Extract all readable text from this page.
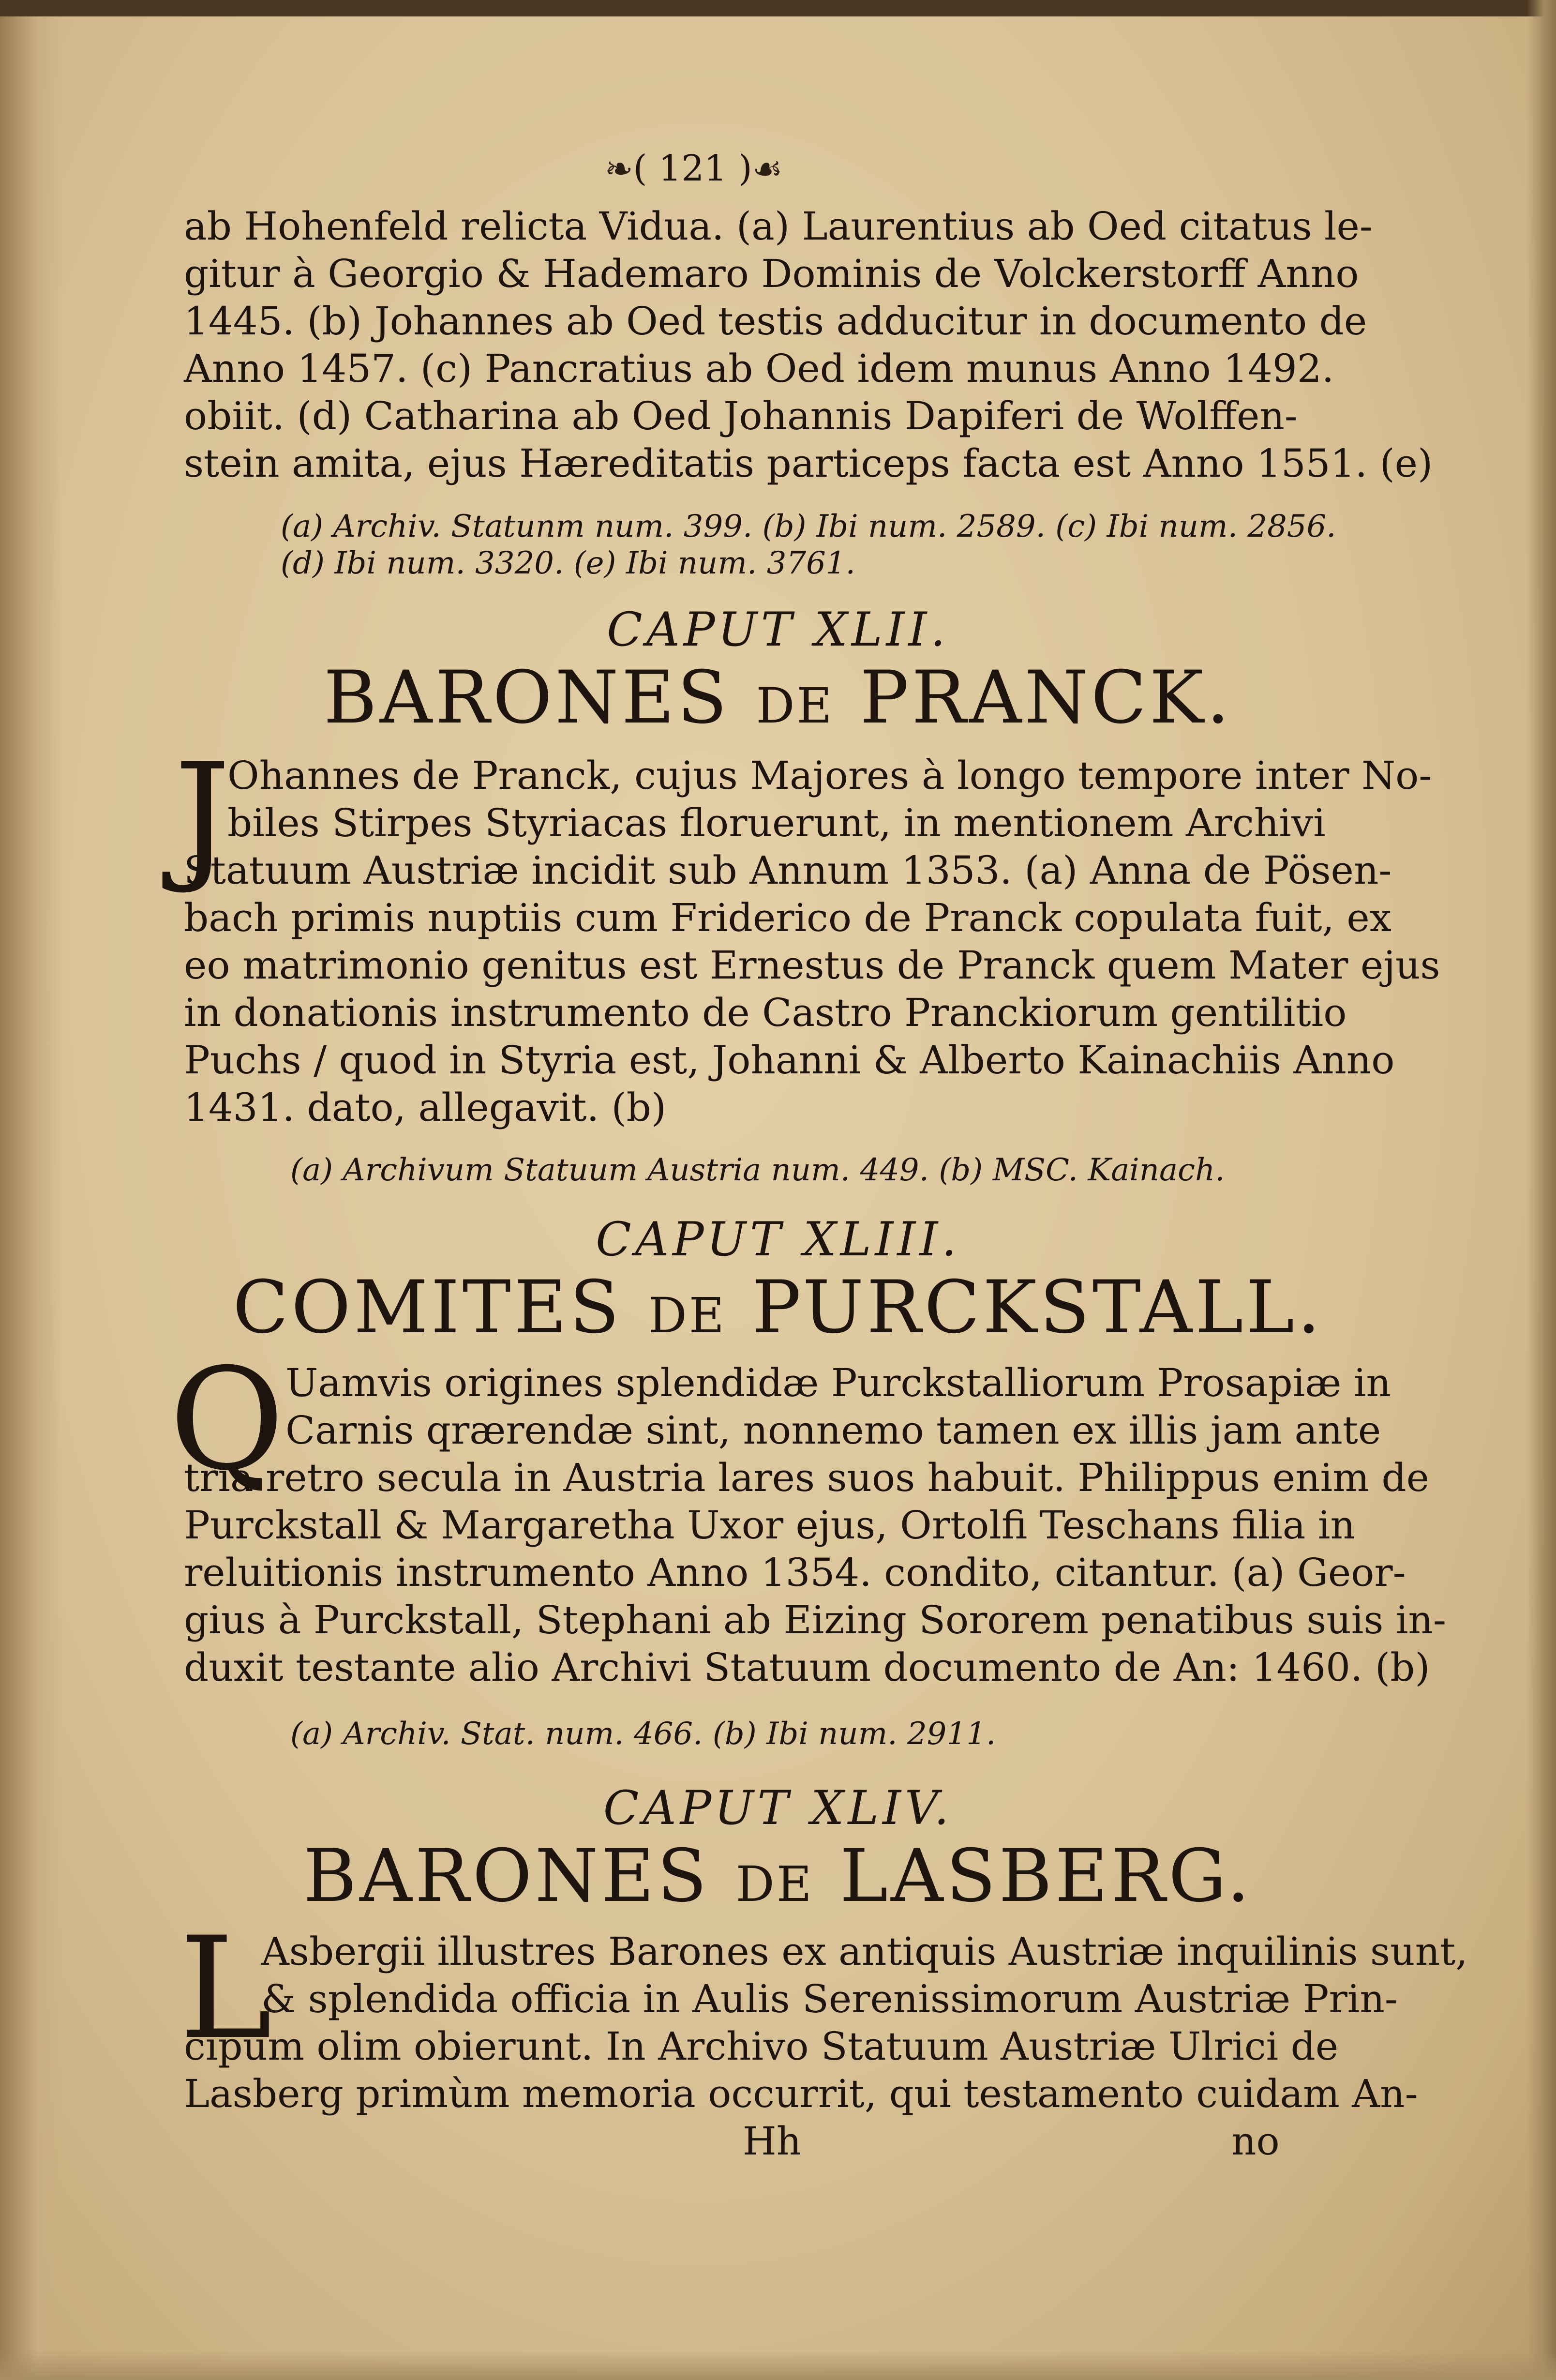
❧( 121 )☙
ab Hohenfeld relicta Vidua. (a) Laurentius ab Oed citatus le-
gitur à Georgio & Hademaro Dominis de Volckerstorff Anno
1445. (b) Johannes ab Oed testis adducitur in documento de
Anno 1457. (c) Pancratius ab Oed idem munus Anno 1492.
obiit. (d) Catharina ab Oed Johannis Dapiferi de Wolffen-
stein amita, ejus Hæreditatis particeps facta est Anno 1551. (e)
(a) Archiv. Statunm num. 399. (b) Ibi num. 2589. (c) Ibi num. 2856.
(d) Ibi num. 3320. (e) Ibi num. 3761.
CAPUT XLII.
BARONES DE PRANCK.
J
Ohannes de Pranck, cujus Majores à longo tempore inter No-
biles Stirpes Styriacas floruerunt, in mentionem Archivi
Statuum Austriæ incidit sub Annum 1353. (a) Anna de Pösen-
bach primis nuptiis cum Friderico de Pranck copulata fuit, ex
eo matrimonio genitus est Ernestus de Pranck quem Mater ejus
in donationis instrumento de Castro Pranckiorum gentilitio
Puchs / quod in Styria est, Johanni & Alberto Kainachiis Anno
1431. dato, allegavit. (b)
(a) Archivum Statuum Austria num. 449. (b) MSC. Kainach.
CAPUT XLIII.
COMITES DE PURCKSTALL.
Q Uamvis origines splendidæ Purckstalliorum Prosapiæ in
Carnis qrærendæ sint, nonnemo tamen ex illis jam ante
tria retro secula in Austria lares suos habuit. Philippus enim de
Purckstall & Margaretha Uxor ejus, Ortolfi Teschans filia in
reluitionis instrumento Anno 1354. condito, citantur. (a) Geor-
gius à Purckstall, Stephani ab Eizing Sororem penatibus suis in-
duxit testante alio Archivi Statuum documento de An: 1460. (b)
(a) Archiv. Stat. num. 466. (b) Ibi num. 2911.
CAPUT XLIV.
BARONES DE LASBERG.
L
Asbergii illustres Barones ex antiquis Austriæ inquilinis sunt,
& splendida officia in Aulis Serenissimorum Austriæ Prin-
cipum olim obierunt. In Archivo Statuum Austriæ Ulrici de
Lasberg primùm memoria occurrit, qui testamento cuidam An-
Hh	no
